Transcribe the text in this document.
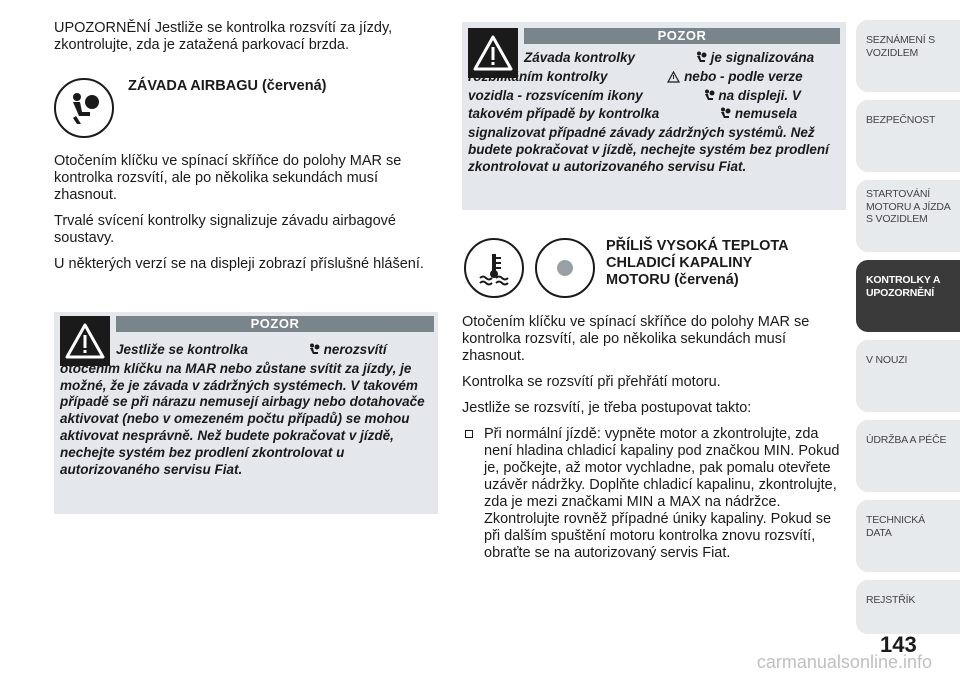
UPOZORNĚNÍ Jestliže se kontrolka rozsvítí za jízdy, zkontrolujte, zda je zatažená parkovací brzda.

ZÁVADA AIRBAGU (červená)

Otočením klíčku ve spínací skříňce do polohy MAR se kontrolka rozsvítí, ale po několika sekundách musí zhasnout.

Trvalé svícení kontrolky signalizuje závadu airbagové soustavy.

U některých verzí se na displeji zobrazí příslušné hlášení.

POZOR
Jestliže se kontrolka	nerozsvítí otočením klíčku na MAR nebo zůstane svítit za jízdy, je možné, že je závada v zádržných systémech. V takovém případě se při nárazu nemusejí airbagy nebo dotahovače aktivovat (nebo v omezeném počtu případů) se mohou aktivovat nesprávně. Než budete pokračovat v jízdě, nechejte systém bez prodlení zkontrolovat u autorizovaného servisu Fiat.
POZOR
Závada kontrolky	je signalizována rozblikáním kontrolky	nebo - podle verze vozidla - rozsvícením ikony	na displeji. V takovém případě by kontrolka	nemusela signalizovat případné závady zádržných systémů. Než budete pokračovat v jízdě, nechejte systém bez prodlení zkontrolovat u autorizovaného servisu Fiat.
PŘÍLIŠ VYSOKÁ TEPLOTA
CHLADICÍ KAPALINY
MOTORU (červená)

Otočením klíčku ve spínací skříňce do polohy MAR se kontrolka rozsvítí, ale po několika sekundách musí zhasnout.

Kontrolka se rozsvítí při přehřátí motoru.

Jestliže se rozsvítí, je třeba postupovat takto:

Při normální jízdě: vypněte motor a zkontrolujte, zda není hladina chladicí kapaliny pod značkou MIN. Pokud je, počkejte, až motor vychladne, pak pomalu otevřete uzávěr nádržky. Doplňte chladicí kapalinu, zkontrolujte, zda je mezi značkami MIN a MAX na nádržce. Zkontrolujte rovněž případné úniky kapaliny. Pokud se při dalším spuštění motoru kontrolka znovu rozsvítí, obraťte se na autorizovaný servis Fiat.
SEZNÁMENÍ S VOZIDLEM
BEZPEČNOST
STARTOVÁNÍ MOTORU A JÍZDA S VOZIDLEM
KONTROLKY A UPOZORNĚNÍ
V NOUZI
ÚDRŽBA A PÉČE
TECHNICKÁ DATA
REJSTŘÍK
143
carmanualsonline.info
